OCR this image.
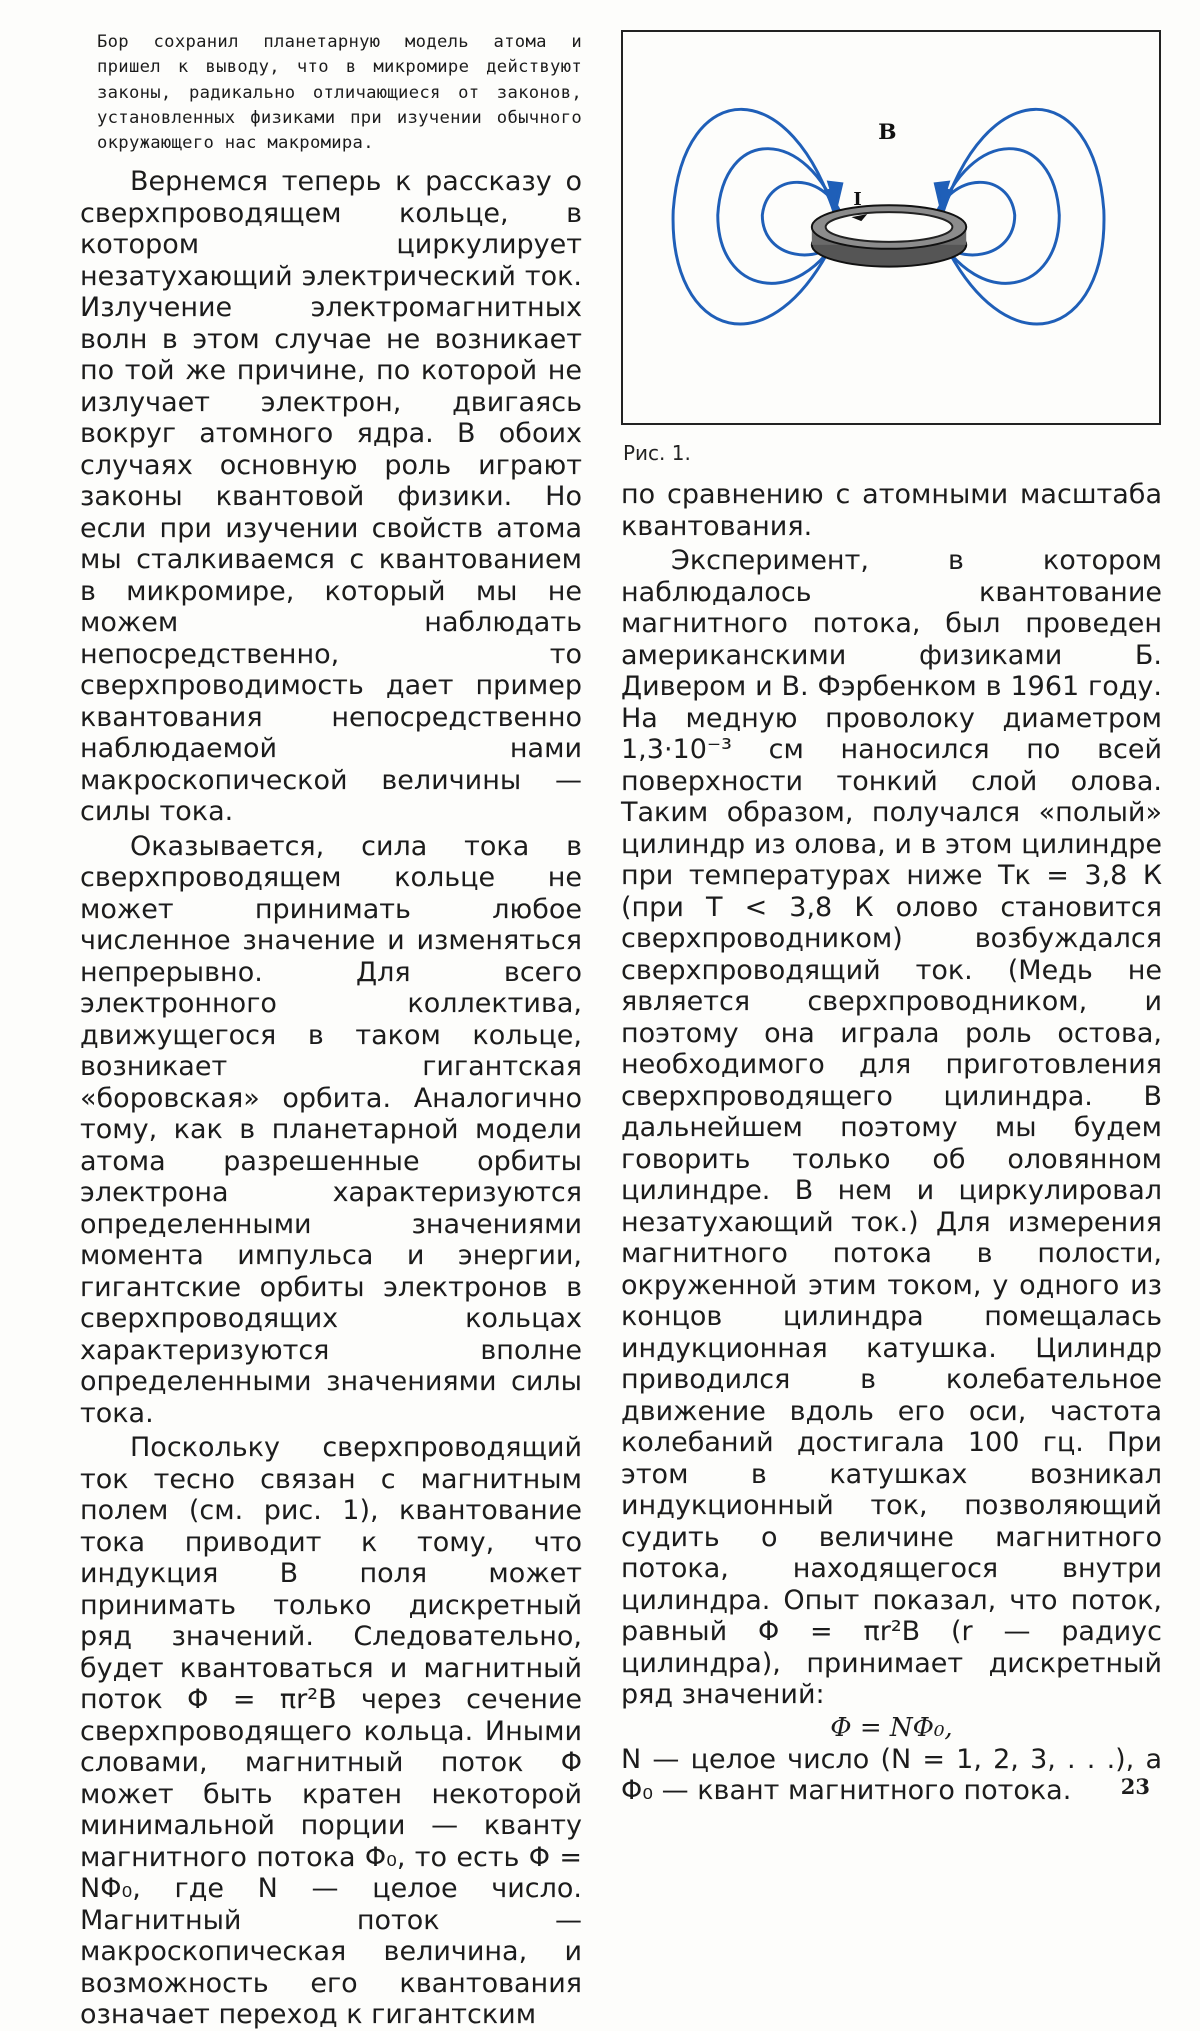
Бор сохранил планетарную модель атома и пришел к выводу, что в микромире действуют законы, радикально отличающиеся от законов, установленных физиками при изучении обычного окружающего нас макромира.

Вернемся теперь к рассказу о сверхпроводящем кольце, в котором циркулирует незатухающий электрический ток. Излучение электромагнитных волн в этом случае не возникает по той же причине, по которой не излучает электрон, двигаясь вокруг атомного ядра. В обоих случаях основную роль играют законы квантовой физики. Но если при изучении свойств атома мы сталкиваемся с квантованием в микромире, который мы не можем наблюдать непосредственно, то сверхпроводимость дает пример квантования непосредственно наблюдаемой нами макроскопической величины — силы тока.

Оказывается, сила тока в сверхпроводящем кольце не может принимать любое численное значение и изменяться непрерывно. Для всего электронного коллектива, движущегося в таком кольце, возникает гигантская «боровская» орбита. Аналогично тому, как в планетарной модели атома разрешенные орбиты электрона характеризуются определенными значениями момента импульса и энергии, гигантские орбиты электронов в сверхпроводящих кольцах характеризуются вполне определенными значениями силы тока.

Поскольку сверхпроводящий ток тесно связан с магнитным полем (см. рис. 1), квантование тока приводит к тому, что индукция B поля может принимать только дискретный ряд значений. Следовательно, будет квантоваться и магнитный поток Φ = πr²B через сечение сверхпроводящего кольца. Иными словами, магнитный поток Φ может быть кратен некоторой минимальной порции — кванту магнитного потока Φ₀, то есть Φ = NΦ₀, где N — целое число. Магнитный поток — макроскопическая величина, и возможность его квантования означает переход к гигантским

B
I
Рис. 1.

по сравнению с атомными масштаба квантования.

Эксперимент, в котором наблюдалось квантование магнитного потока, был проведен американскими физиками Б. Дивером и В. Фэрбенком в 1961 году. На медную проволоку диаметром 1,3·10⁻³ см наносился по всей поверхности тонкий слой олова. Таким образом, получался «полый» цилиндр из олова, и в этом цилиндре при температурах ниже Tк = 3,8 К (при T < 3,8 К олово становится сверхпроводником) возбуждался сверхпроводящий ток. (Медь не является сверхпроводником, и поэтому она играла роль остова, необходимого для приготовления сверхпроводящего цилиндра. В дальнейшем поэтому мы будем говорить только об оловянном цилиндре. В нем и циркулировал незатухающий ток.) Для измерения магнитного потока в полости, окруженной этим током, у одного из концов цилиндра помещалась индукционная катушка. Цилиндр приводился в колебательное движение вдоль его оси, частота колебаний достигала 100 гц. При этом в катушках возникал индукционный ток, позволяющий судить о величине магнитного потока, находящегося внутри цилиндра. Опыт показал, что поток, равный Φ = πr²B (r — радиус цилиндра), принимает дискретный ряд значений:

Φ = NΦ₀,

N — целое число (N = 1, 2, 3, . . .), а Φ₀ — квант магнитного потока.	23
